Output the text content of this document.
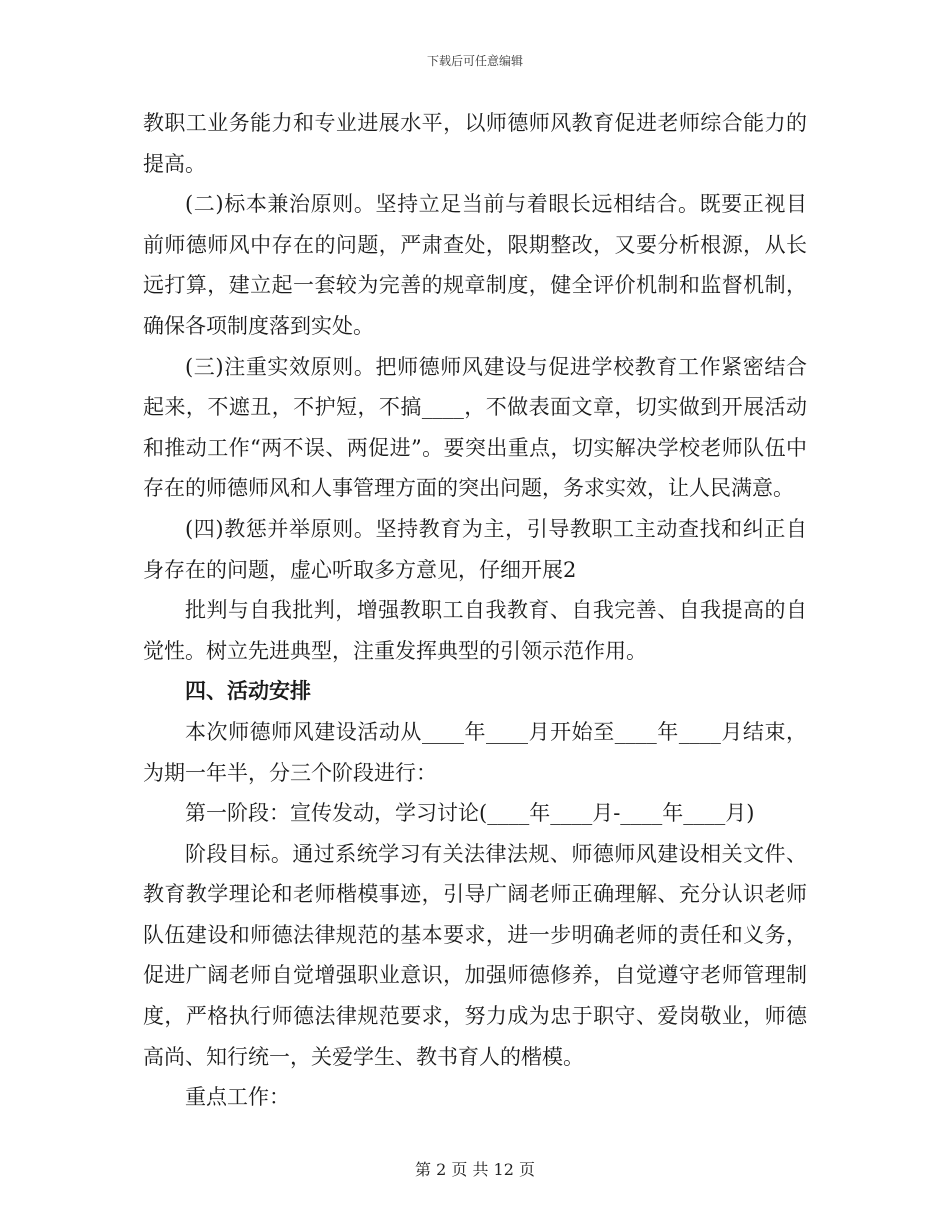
下载后可任意编辑

教职工业务能力和专业进展水平，以师德师风教育促进老师综合能力的提高。

(二)标本兼治原则。坚持立足当前与着眼长远相结合。既要正视目前师德师风中存在的问题，严肃查处，限期整改，又要分析根源，从长远打算，建立起一套较为完善的规章制度，健全评价机制和监督机制，确保各项制度落到实处。

(三)注重实效原则。把师德师风建设与促进学校教育工作紧密结合起来，不遮丑，不护短，不搞____，不做表面文章，切实做到开展活动和推动工作“两不误、两促进”。要突出重点，切实解决学校老师队伍中存在的师德师风和人事管理方面的突出问题，务求实效，让人民满意。

(四)教惩并举原则。坚持教育为主，引导教职工主动查找和纠正自身存在的问题，虚心听取多方意见，仔细开展2

批判与自我批判，增强教职工自我教育、自我完善、自我提高的自觉性。树立先进典型，注重发挥典型的引领示范作用。

四、活动安排

本次师德师风建设活动从____年____月开始至____年____月结束，为期一年半，分三个阶段进行：

第一阶段：宣传发动，学习讨论(____年____月-____年____月)

阶段目标。通过系统学习有关法律法规、师德师风建设相关文件、教育教学理论和老师楷模事迹，引导广阔老师正确理解、充分认识老师队伍建设和师德法律规范的基本要求，进一步明确老师的责任和义务，促进广阔老师自觉增强职业意识，加强师德修养，自觉遵守老师管理制度，严格执行师德法律规范要求，努力成为忠于职守、爱岗敬业，师德高尚、知行统一，关爱学生、教书育人的楷模。

重点工作：

第 2 页 共 12 页
